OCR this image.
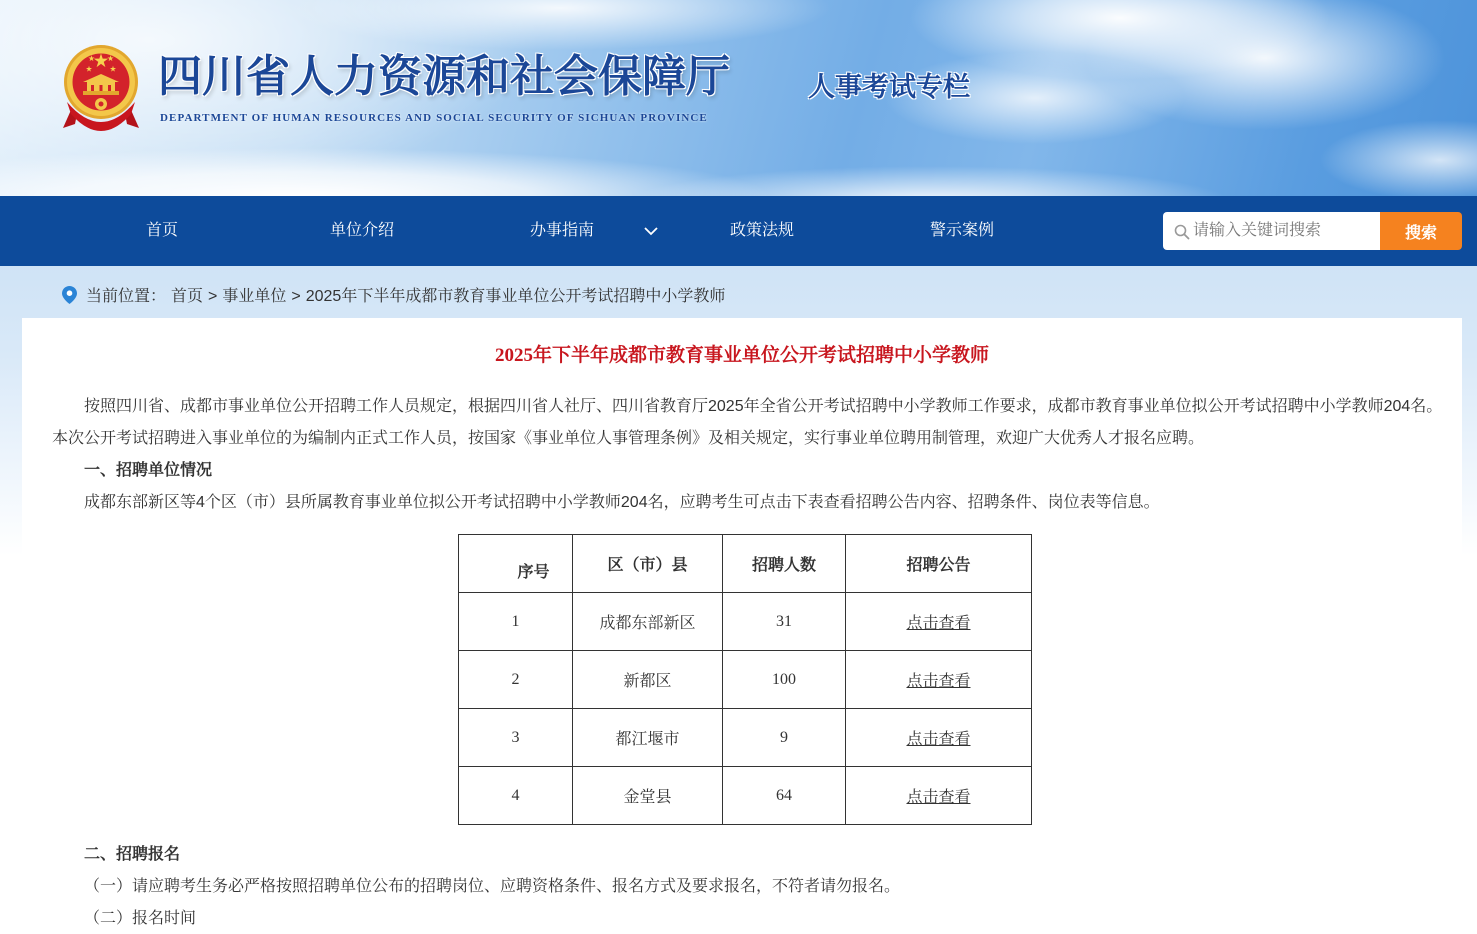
四川省人力资源和社会保障厅
DEPARTMENT OF HUMAN RESOURCES AND SOCIAL SECURITY OF SICHUAN PROVINCE
人事考试专栏
首页	单位介绍	办事指南	政策法规	警示案例
请输入关键词搜索	搜索
当前位置： 首页 > 事业单位 > 2025年下半年成都市教育事业单位公开考试招聘中小学教师
2025年下半年成都市教育事业单位公开考试招聘中小学教师

按照四川省、成都市事业单位公开招聘工作人员规定，根据四川省人社厅、四川省教育厅2025年全省公开考试招聘中小学教师工作要求，成都市教育事业单位拟公开考试招聘中小学教师204名。本次公开考试招聘进入事业单位的为编制内正式工作人员，按国家《事业单位人事管理条例》及相关规定，实行事业单位聘用制管理，欢迎广大优秀人才报名应聘。

一、招聘单位情况

成都东部新区等4个区（市）县所属教育事业单位拟公开考试招聘中小学教师204名，应聘考生可点击下表查看招聘公告内容、招聘条件、岗位表等信息。

序号	区（市）县	招聘人数	招聘公告
1	成都东部新区	31	点击查看
2	新都区	100	点击查看
3	都江堰市	9	点击查看
4	金堂县	64	点击查看

二、招聘报名

（一）请应聘考生务必严格按照招聘单位公布的招聘岗位、应聘资格条件、报名方式及要求报名，不符者请勿报名。

（二）报名时间
